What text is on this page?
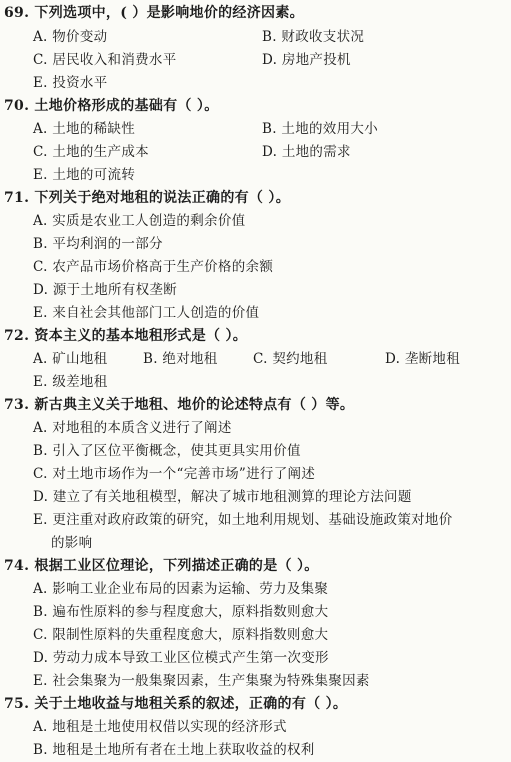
69. 下列选项中，( ）是影响地价的经济因素。
A. 物价变动	B. 财政收支状况
C. 居民收入和消费水平	D. 房地产投机
E. 投资水平
70. 土地价格形成的基础有（ ）。
A. 土地的稀缺性	B. 土地的效用大小
C. 土地的生产成本	D. 土地的需求
E. 土地的可流转
71. 下列关于绝对地租的说法正确的有（ ）。
A. 实质是农业工人创造的剩余价值
B. 平均利润的一部分
C. 农产品市场价格高于生产价格的余额
D. 源于土地所有权垄断
E. 来自社会其他部门工人创造的价值
72. 资本主义的基本地租形式是（ ）。
A. 矿山地租	B. 绝对地租	C. 契约地租	D. 垄断地租
E. 级差地租
73. 新古典主义关于地租、地价的论述特点有（ ）等。
A. 对地租的本质含义进行了阐述
B. 引入了区位平衡概念，使其更具实用价值
C. 对土地市场作为一个“完善市场”进行了阐述
D. 建立了有关地租模型，解决了城市地租测算的理论方法问题
E. 更注重对政府政策的研究，如土地利用规划、基础设施政策对地价
的影响
74. 根据工业区位理论，下列描述正确的是（ ）。
A. 影响工业企业布局的因素为运输、劳力及集聚
B. 遍布性原料的参与程度愈大，原料指数则愈大
C. 限制性原料的失重程度愈大，原料指数则愈大
D. 劳动力成本导致工业区位模式产生第一次变形
E. 社会集聚为一般集聚因素，生产集聚为特殊集聚因素
75. 关于土地收益与地租关系的叙述，正确的有（ ）。
A. 地租是土地使用权借以实现的经济形式
B. 地租是土地所有者在土地上获取收益的权利
